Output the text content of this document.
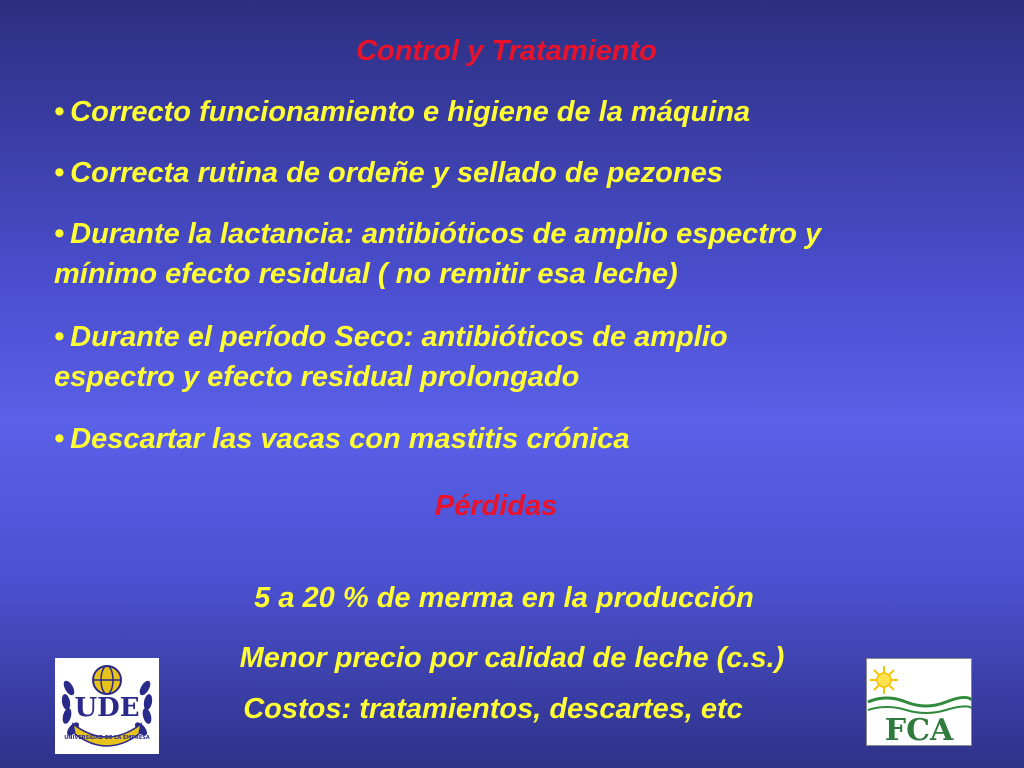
Control y Tratamiento
• Correcto funcionamiento e higiene de la máquina
• Correcta rutina de ordeñe y sellado de pezones
• Durante la lactancia: antibióticos de amplio espectro y
mínimo efecto residual ( no remitir esa leche)
• Durante el período Seco: antibióticos de amplio
espectro y efecto residual prolongado
• Descartar las vacas con mastitis crónica
Pérdidas
5 a 20 % de merma en la producción
Menor precio por calidad de leche (c.s.)
Costos: tratamientos, descartes, etc
UDE
UNIVERSIDAD DE LA EMPRESA	FCA
